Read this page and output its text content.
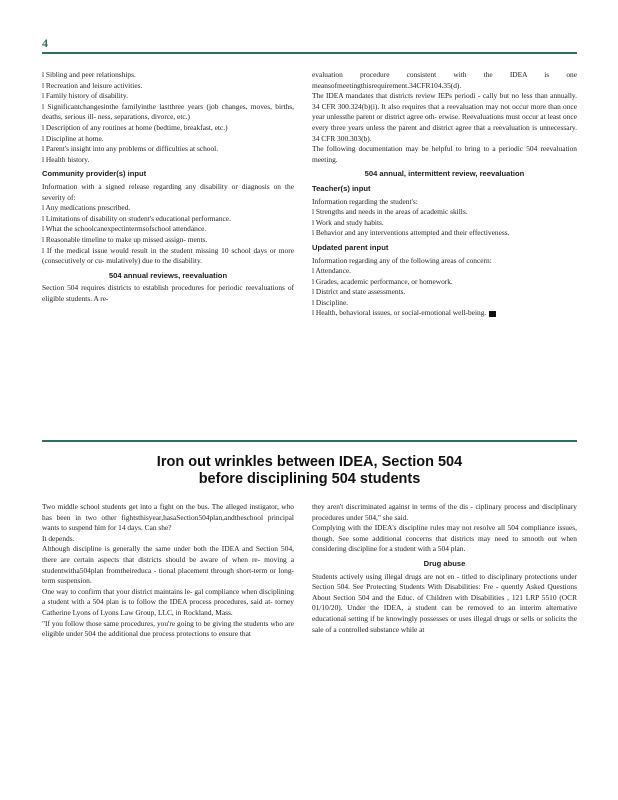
4

l Sibling and peer relationships.

l Recreation and leisure activities.

l Family history of disability.

l Significantchangesinthe familyinthe lastthree years (job changes, moves, births, deaths, serious ill- ness, separations, divorce, etc.)

l Description of any routines at home (bedtime, breakfast, etc.)

l Discipline at home.

l Parent's insight into any problems or difficulties at school.

l Health history.

Community provider(s) input

Information with a signed release regarding any disability or diagnosis on the severity of:

l Any medications prescribed.

l Limitations of disability on student's educational performance.

l What the schoolcanexpectintermsofschool attendance.

l Reasonable timeline to make up missed assign- ments.

l If the medical issue would result in the student missing 10 school days or more (consecutively or cu- mulatively) due to the disability.

504 annual reviews, reevaluation

Section 504 requires districts to establish procedures for periodic reevaluations of eligible students. A re-

evaluation procedure consistent with the IDEA is one meansofmeetingthisrequirement.34CFR104.35(d).

The IDEA mandates that districts review IEPs periodi - cally but no less than annually. 34 CFR 300.324(b)(i). It also requires that a reevaluation may not occur more than once year unlessthe parent or district agree oth- erwise. Reevaluations must occur at least once every three years unless the parent and district agree that a reevaluation is unnecessary. 34 CFR 300.303(b).

The following documentation may be helpful to bring to a periodic 504 reevaluation meeting.

504 annual, intermittent review, reevaluation

Teacher(s) input

Information regarding the student's:

l Strengths and needs in the areas of academic skills.

l Work and study habits.

l Behavior and any interventions attempted and their effectiveness.

Updated parent input

Information regarding any of the following areas of concern:

l Attendance.

l Grades, academic performance, or homework.

l District and state assessments.

l Discipline.

l Health, behavioral issues, or social-emotional well-being.

Iron out wrinkles between IDEA, Section 504
before disciplining 504 students

Two middle school students get into a fight on the bus. The alleged instigator, who has been in two other fightsthisyear,hasaSection504plan,andtheschool principal wants to suspend him for 14 days. Can she?

It depends.

Although discipline is generally the same under both the IDEA and Section 504, there are certain aspects that districts should be aware of when re- moving a studentwitha504plan fromtheireduca - tional placement through short-term or long-term suspension.

One way to confirm that your district maintains le- gal compliance when disciplining a student with a 504 plan is to follow the IDEA process procedures, said at- torney Catherine Lyons of Lyons Law Group, LLC, in Rockland, Mass.

"If you follow those same procedures, you're going to be giving the students who are eligible under 504 the additional due process protections to ensure that

they aren't discriminated against in terms of the dis - ciplinary process and disciplinary procedures under 504," she said.

Complying with the IDEA's discipline rules may not resolve all 504 compliance issues, though. See some additional concerns that districts may need to smooth out when considering discipline for a student with a 504 plan.

Drug abuse

Students actively using illegal drugs are not en - titled to disciplinary protections under Section 504. See Protecting Students With Disabilities: Fre - quently Asked Questions About Section 504 and the Educ. of Children with Disabilities , 121 LRP 5510 (OCR 01/10/20). Under the IDEA, a student can be removed to an interim alternative educational setting if he knowingly possesses or uses illegal drugs or sells or solicits the sale of a controlled substance while at
